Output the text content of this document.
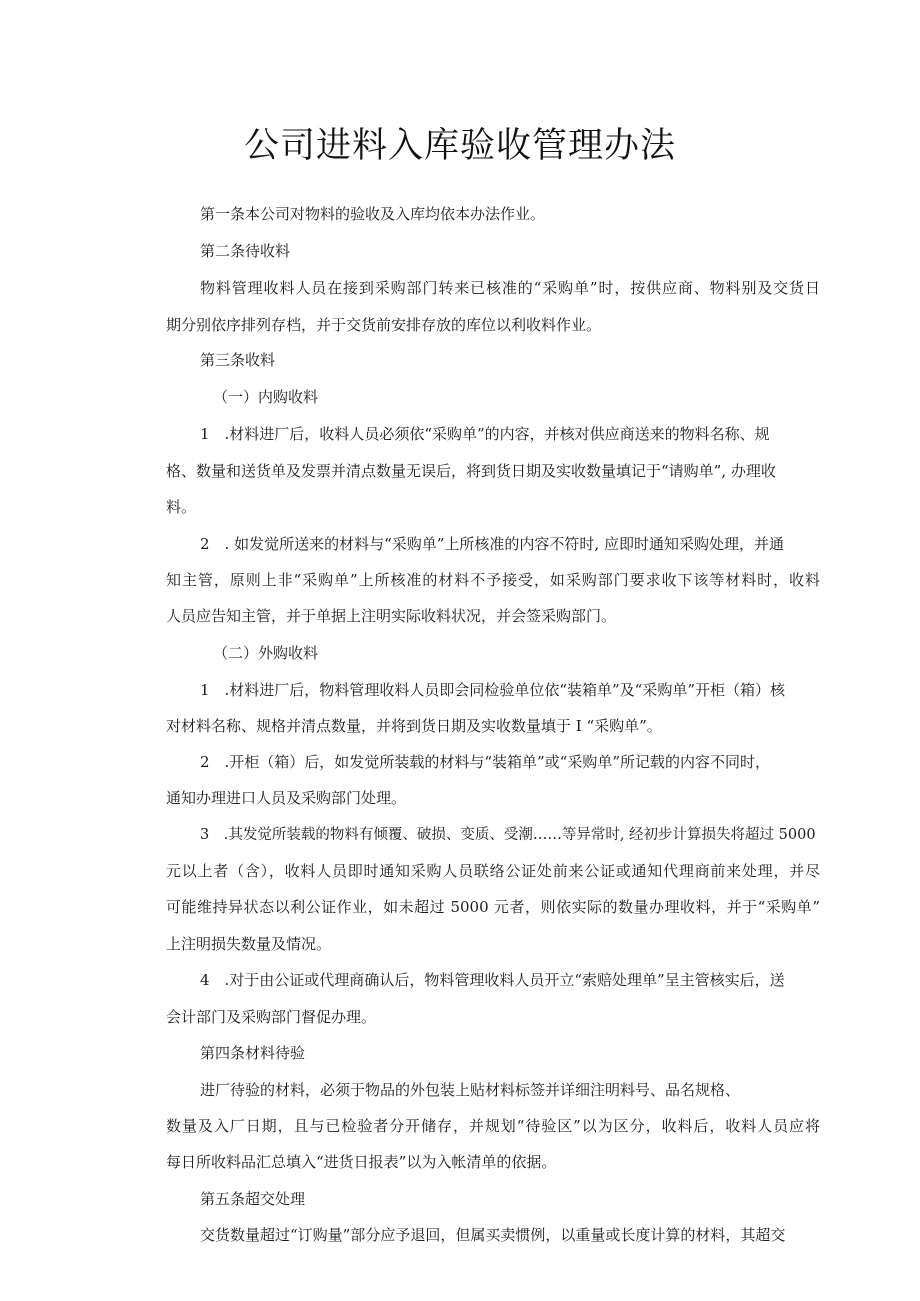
公司进料入库验收管理办法

第一条本公司对物料的验收及入库均依本办法作业。

第二条待收料

物料管理收料人员在接到采购部门转来已核准的“采购单”时，按供应商、物料别及交货日

期分别依序排列存档，并于交货前安排存放的库位以利收料作业。

第三条收料

（一）内购收料

1　.材料进厂后，收料人员必须依“采购单”的内容，并核对供应商送来的物料名称、规

格、数量和送货单及发票并清点数量无误后，将到货日期及实收数量填记于“请购单”, 办理收

料。

2　. 如发觉所送来的材料与“采购单”上所核准的内容不符时, 应即时通知采购处理，并通

知主管，原则上非“采购单”上所核准的材料不予接受，如采购部门要求收下该等材料时，收料

人员应告知主管，并于单据上注明实际收料状况，并会签采购部门。

（二）外购收料

1　.材料进厂后，物料管理收料人员即会同检验单位依“装箱单”及“采购单”开柜（箱）核

对材料名称、规格并清点数量，并将到货日期及实收数量填于 I “采购单”。

2　.开柜（箱）后，如发觉所装载的材料与“装箱单”或“采购单”所记载的内容不同时，

通知办理进口人员及采购部门处理。

3　.其发觉所装载的物料有倾覆、破损、变质、受潮……等异常时, 经初步计算损失将超过 5000

元以上者（含），收料人员即时通知采购人员联络公证处前来公证或通知代理商前来处理，并尽

可能维持异状态以利公证作业，如未超过 5000 元者，则依实际的数量办理收料，并于“采购单”

上注明损失数量及情况。

4　.对于由公证或代理商确认后，物料管理收料人员开立“索赔处理单”呈主管核实后，送

会计部门及采购部门督促办理。

第四条材料待验

进厂待验的材料，必须于物品的外包装上贴材料标签并详细注明料号、品名规格、

数量及入厂日期，且与已检验者分开储存，并规划“待验区”以为区分，收料后，收料人员应将

每日所收料品汇总填入“进货日报表”以为入帐清单的依据。

第五条超交处理

交货数量超过“订购量”部分应予退回，但属买卖惯例，以重量或长度计算的材料，其超交
